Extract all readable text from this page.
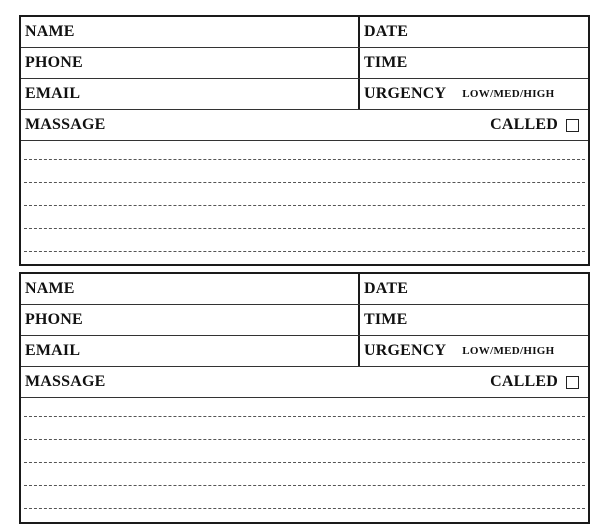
NAME	DATE
PHONE	TIME
EMAIL	URGENCY LOW/MED/HIGH
MASSAGE	CALLED
NAME	DATE
PHONE	TIME
EMAIL	URGENCY LOW/MED/HIGH
MASSAGE	CALLED
